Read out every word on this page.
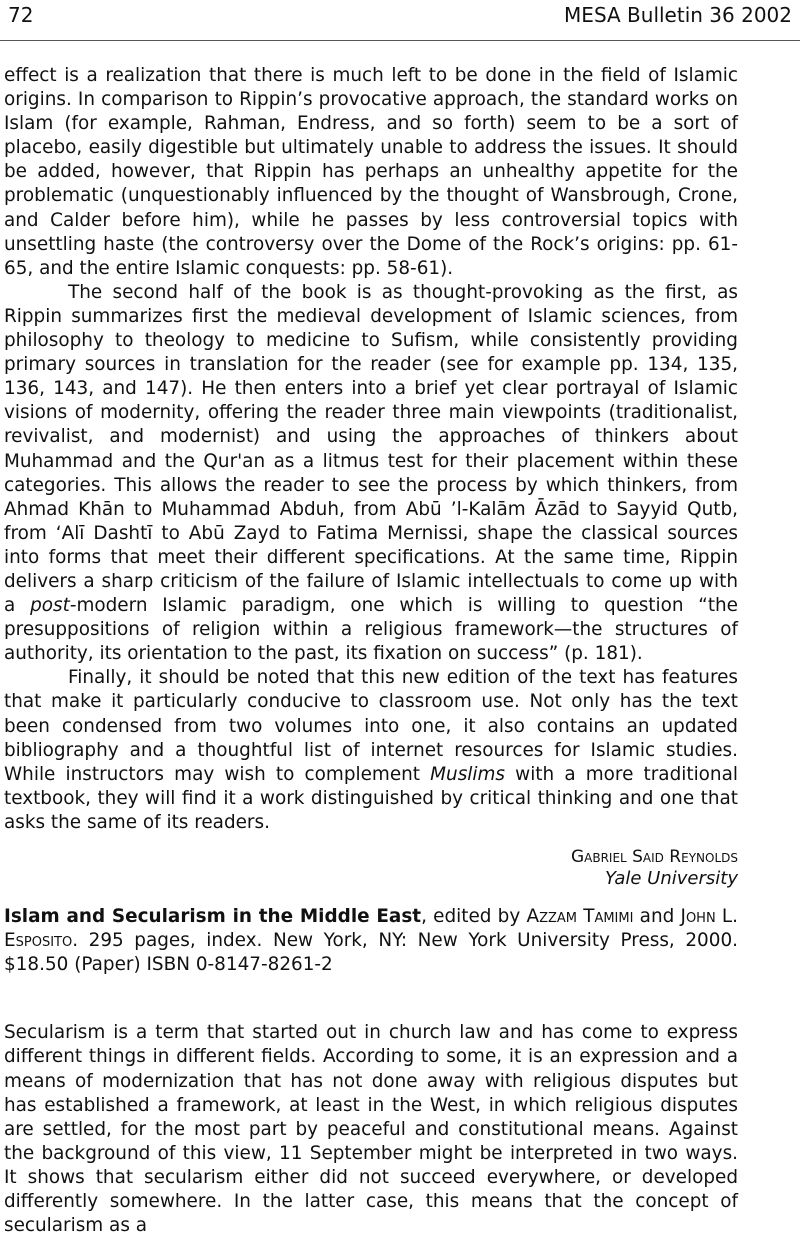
72	MESA Bulletin 36 2002

effect is a realization that there is much left to be done in the field of Islamic origins. In comparison to Rippin’s provocative approach, the standard works on Islam (for example, Rahman, Endress, and so forth) seem to be a sort of placebo, easily digestible but ultimately unable to address the issues. It should be added, however, that Rippin has perhaps an unhealthy appetite for the problematic (unquestionably influenced by the thought of Wansbrough, Crone, and Calder before him), while he passes by less controversial topics with unsettling haste (the controversy over the Dome of the Rock’s origins: pp. 61-65, and the entire Islamic conquests: pp. 58-61).

The second half of the book is as thought-provoking as the first, as Rippin summarizes first the medieval development of Islamic sciences, from philosophy to theology to medicine to Sufism, while consistently providing primary sources in translation for the reader (see for example pp. 134, 135, 136, 143, and 147). He then enters into a brief yet clear portrayal of Islamic visions of modernity, offering the reader three main viewpoints (traditionalist, revivalist, and modernist) and using the approaches of thinkers about Muhammad and the Qur'an as a litmus test for their placement within these categories. This allows the reader to see the process by which thinkers, from Ahmad Khān to Muhammad Abduh, from Abū ’l-Kalām Āzād to Sayyid Qutb, from ‘Alī Dashtī to Abū Zayd to Fatima Mernissi, shape the classical sources into forms that meet their different specifications. At the same time, Rippin delivers a sharp criticism of the failure of Islamic intellectuals to come up with a post-modern Islamic paradigm, one which is willing to question “the presuppositions of religion within a religious framework—the structures of authority, its orientation to the past, its fixation on success” (p. 181).

Finally, it should be noted that this new edition of the text has features that make it particularly conducive to classroom use. Not only has the text been condensed from two volumes into one, it also contains an updated bibliography and a thoughtful list of internet resources for Islamic studies. While instructors may wish to complement Muslims with a more traditional textbook, they will find it a work distinguished by critical thinking and one that asks the same of its readers.

Gabriel Said Reynolds
Yale University
Islam and Secularism in the Middle East, edited by Azzam Tamimi and John L. Esposito. 295 pages, index. New York, NY: New York University Press, 2000. $18.50 (Paper) ISBN 0-8147-8261-2

Secularism is a term that started out in church law and has come to express different things in different fields. According to some, it is an expression and a means of modernization that has not done away with religious disputes but has established a framework, at least in the West, in which religious disputes are settled, for the most part by peaceful and constitutional means. Against the background of this view, 11 September might be interpreted in two ways. It shows that secularism either did not succeed everywhere, or developed differently somewhere. In the latter case, this means that the concept of secularism as a
